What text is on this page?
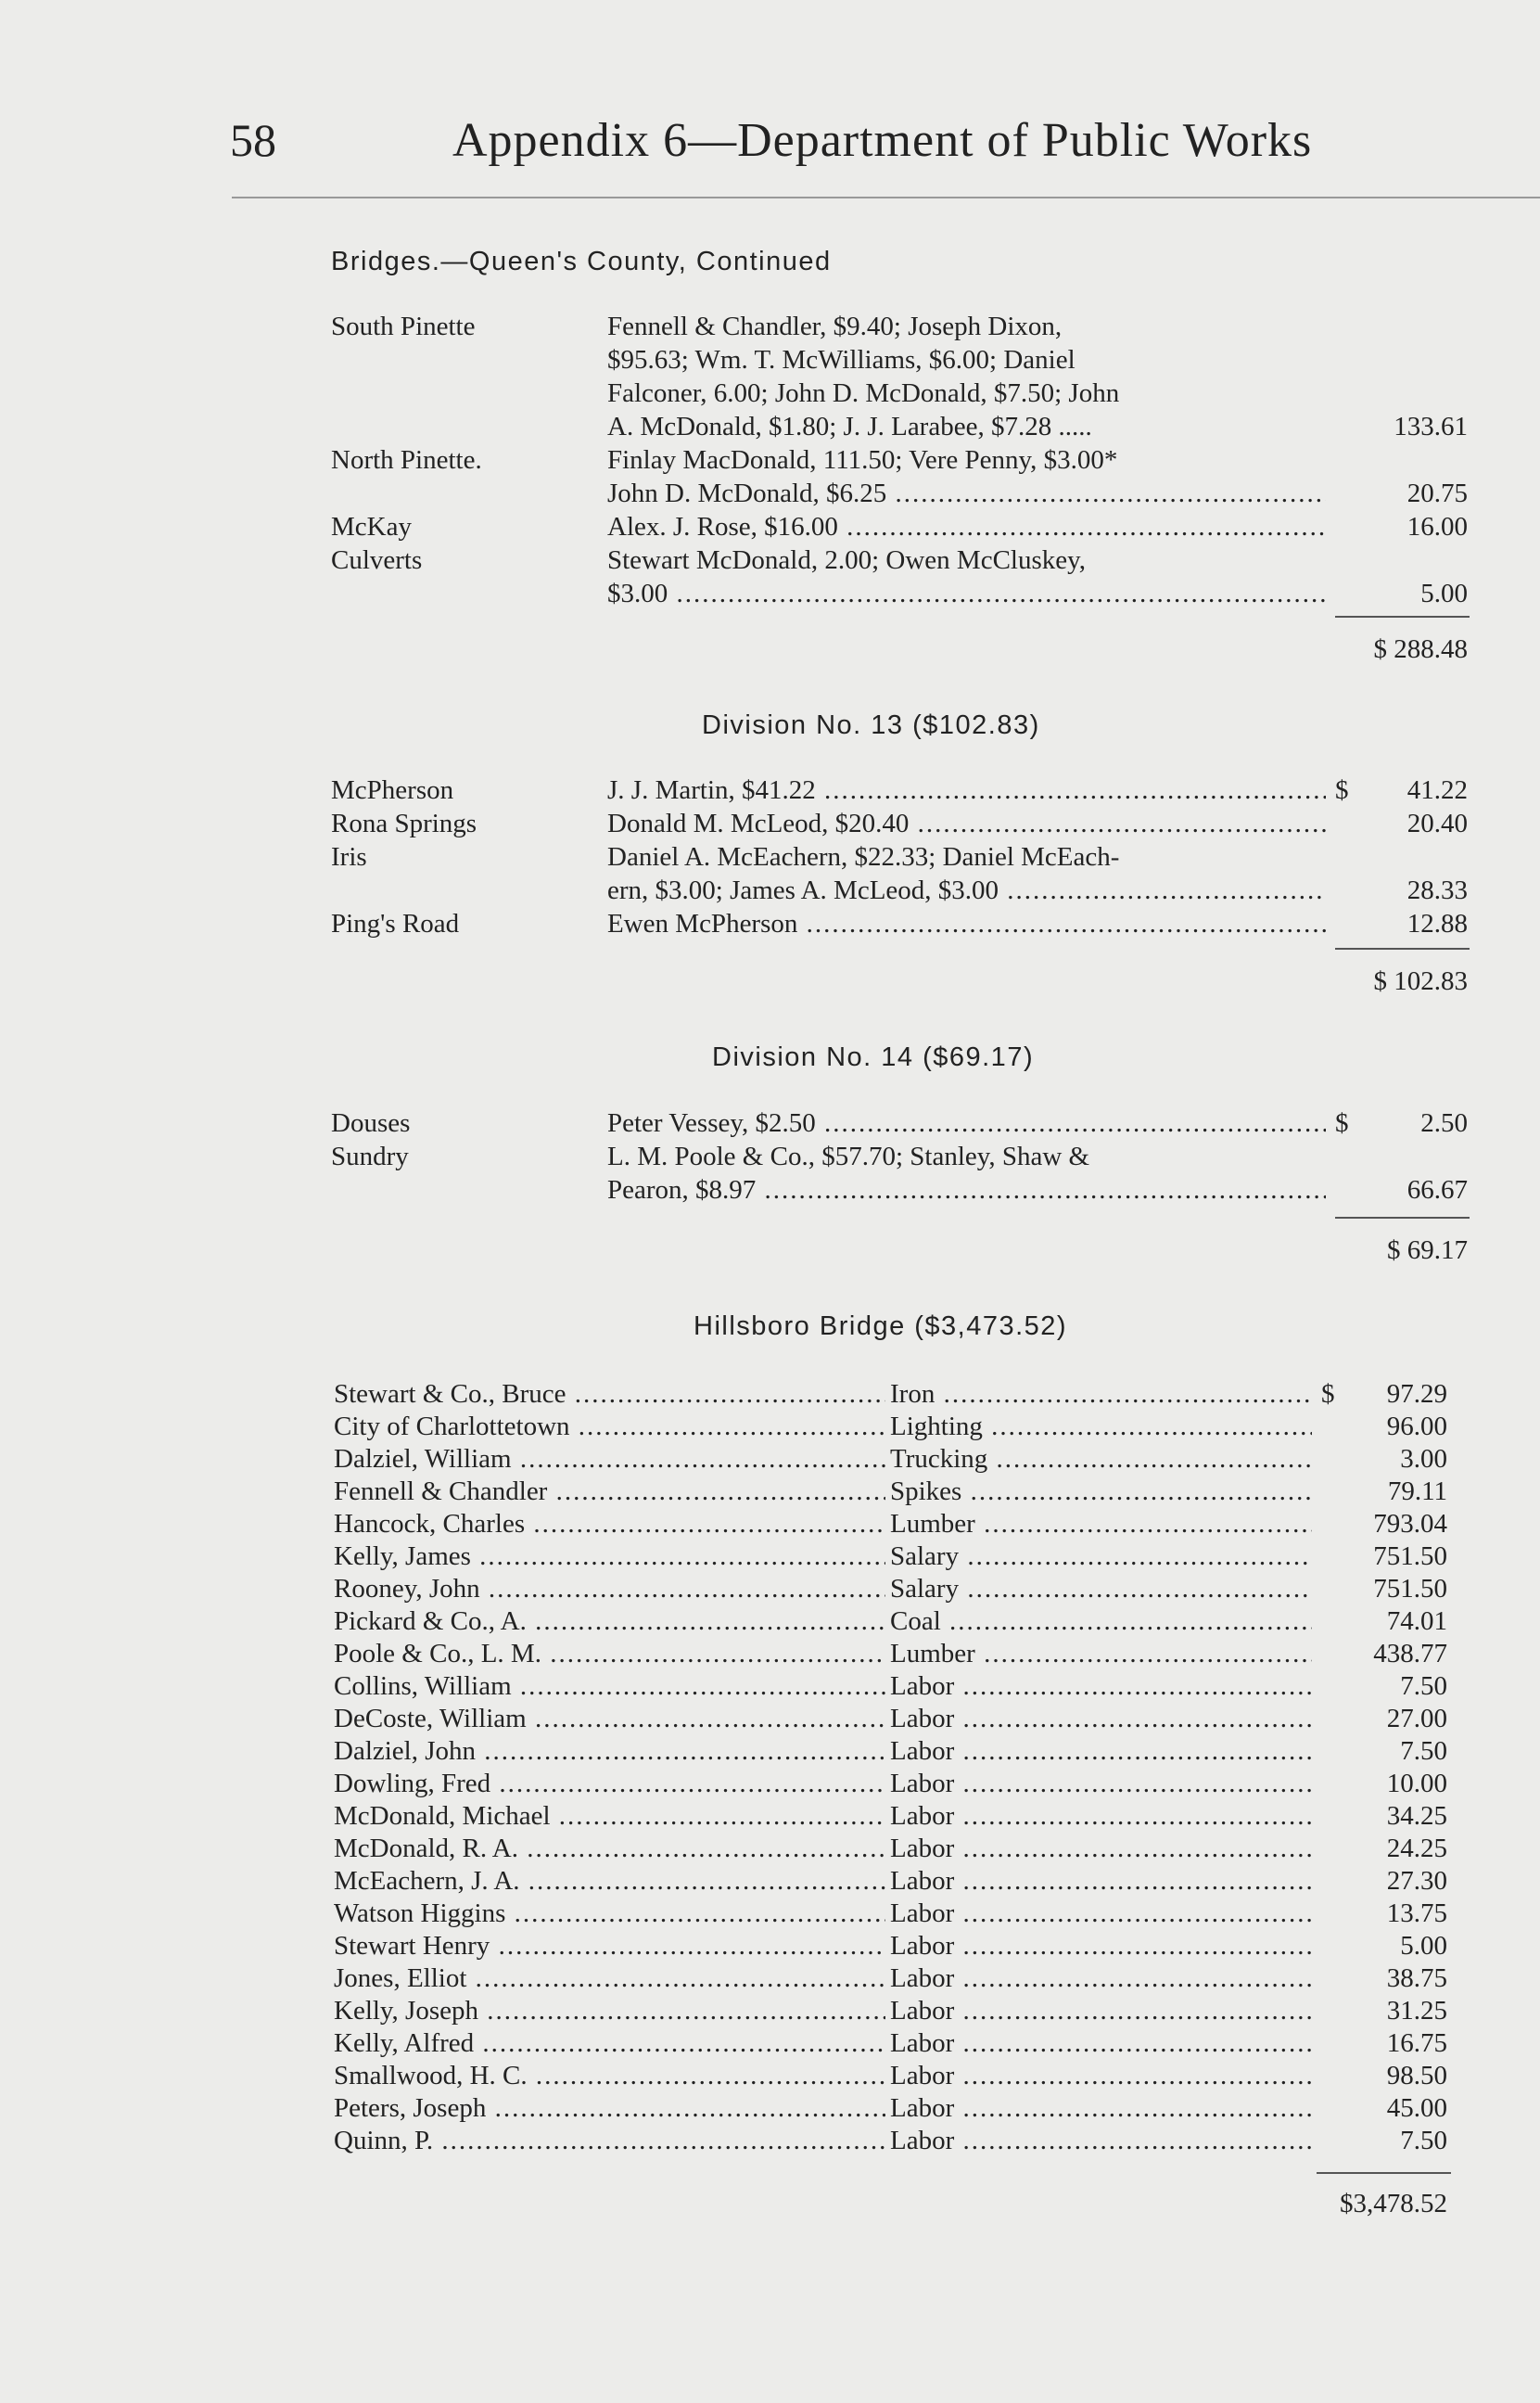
58	Appendix 6—Department of Public Works
Bridges.—Queen's County, Continued
South Pinette	Fennell & Chandler, $9.40; Joseph Dixon,
$95.63; Wm. T. McWilliams, $6.00; Daniel
Falconer, 6.00; John D. McDonald, $7.50; John
A. McDonald, $1.80; J. J. Larabee, $7.28 .....	133.61
North Pinette.	Finlay MacDonald, 111.50; Vere Penny, $3.00*
John D. McDonald, $6.25 .....	20.75
McKay	Alex. J. Rose, $16.00 .....	16.00
Culverts	Stewart McDonald, 2.00; Owen McCluskey,
$3.00 .....	5.00
$ 288.48
Division No. 13 ($102.83)
McPherson	J. J. Martin, $41.22 .....	$ 41.22
Rona Springs	Donald M. McLeod, $20.40 .....	20.40
Iris	Daniel A. McEachern, $22.33; Daniel McEach-
ern, $3.00; James A. McLeod, $3.00 .....	28.33
Ping's Road	Ewen McPherson .....	12.88
$ 102.83
Division No. 14 ($69.17)
Douses	Peter Vessey, $2.50 .....	$	2.50
Sundry	L. M. Poole & Co., $57.70; Stanley, Shaw &
Pearon, $8.97 .....	66.67
$ 69.17
Hillsboro Bridge ($3,473.52)
Stewart & Co., Bruce .....	Iron .....	$ 97.29
City of Charlottetown .....	Lighting .....	96.00
Dalziel, William .....	Trucking .....	3.00
Fennell & Chandler .....	Spikes .....	79.11
Hancock, Charles .....	Lumber .....	793.04
Kelly, James .....	Salary .....	751.50
Rooney, John .....	Salary .....	751.50
Pickard & Co., A. .....	Coal .....	74.01
Poole & Co., L. M. .....	Lumber .....	438.77
Collins, William .....	Labor .....	7.50
DeCoste, William .....	Labor .....	27.00
Dalziel, John .....	Labor .....	7.50
Dowling, Fred .....	Labor .....	10.00
McDonald, Michael .....	Labor .....	34.25
McDonald, R. A. .....	Labor .....	24.25
McEachern, J. A. .....	Labor .....	27.30
Watson Higgins .....	Labor .....	13.75
Stewart Henry .....	Labor .....	5.00
Jones, Elliot .....	Labor .....	38.75
Kelly, Joseph .....	Labor .....	31.25
Kelly, Alfred .....	Labor .....	16.75
Smallwood, H. C. .....	Labor .....	98.50
Peters, Joseph .....	Labor .....	45.00
Quinn, P. .....	Labor .....	7.50
$3,478.52
